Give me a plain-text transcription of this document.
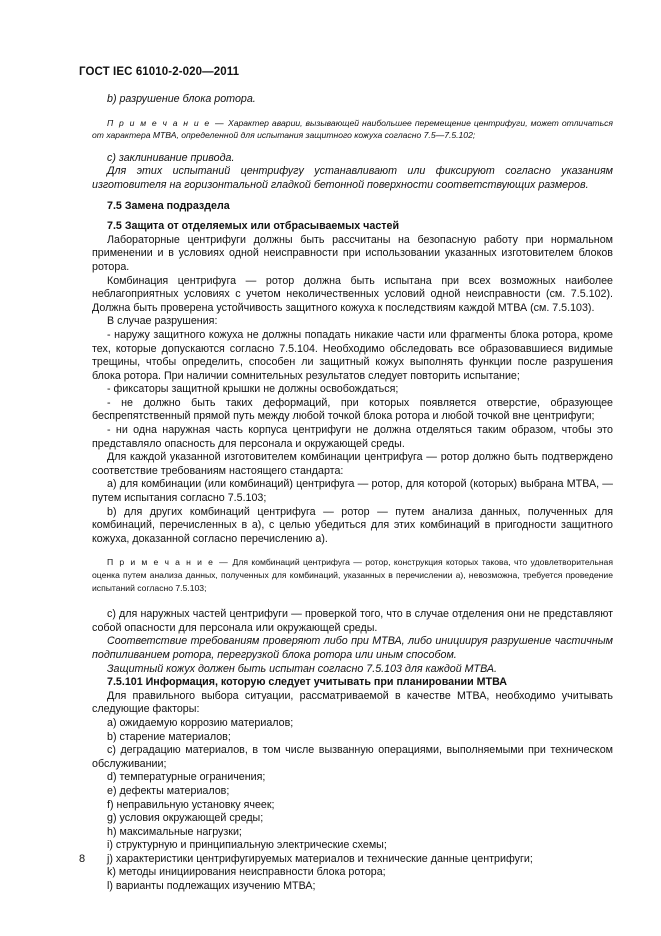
ГОСТ IEC 61010-2-020—2011

b) разрушение блока ротора.

П р и м е ч а н и е — Характер аварии, вызывающей наибольшее перемещение центрифуги, может отличаться от характера МТВА, определенной для испытания защитного кожуха согласно 7.5—7.5.102;

c) заклинивание привода.

Для этих испытаний центрифугу устанавливают или фиксируют согласно указаниям изготовителя на горизонтальной гладкой бетонной поверхности соответствующих размеров.

7.5 Замена подраздела

7.5 Защита от отделяемых или отбрасываемых частей

Лабораторные центрифуги должны быть рассчитаны на безопасную работу при нормальном применении и в условиях одной неисправности при использовании указанных изготовителем блоков ротора.

Комбинация центрифуга — ротор должна быть испытана при всех возможных наиболее неблагоприятных условиях с учетом неколичественных условий одной неисправности (см. 7.5.102). Должна быть проверена устойчивость защитного кожуха к последствиям каждой МТВА (см. 7.5.103).

В случае разрушения:

- наружу защитного кожуха не должны попадать никакие части или фрагменты блока ротора, кроме тех, которые допускаются согласно 7.5.104. Необходимо обследовать все образовавшиеся видимые трещины, чтобы определить, способен ли защитный кожух выполнять функции после разрушения блока ротора. При наличии сомнительных результатов следует повторить испытание;

- фиксаторы защитной крышки не должны освобождаться;

- не должно быть таких деформаций, при которых появляется отверстие, образующее беспрепятственный прямой путь между любой точкой блока ротора и любой точкой вне центрифуги;

- ни одна наружная часть корпуса центрифуги не должна отделяться таким образом, чтобы это представляло опасность для персонала и окружающей среды.

Для каждой указанной изготовителем комбинации центрифуга — ротор должно быть подтверждено соответствие требованиям настоящего стандарта:

a) для комбинации (или комбинаций) центрифуга — ротор, для которой (которых) выбрана МТВА, — путем испытания согласно 7.5.103;

b) для других комбинаций центрифуга — ротор — путем анализа данных, полученных для комбинаций, перечисленных в а), с целью убедиться для этих комбинаций в пригодности защитного кожуха, доказанной согласно перечислению а).

П р и м е ч а н и е — Для комбинаций центрифуга — ротор, конструкция которых такова, что удовлетворительная оценка путем анализа данных, полученных для комбинаций, указанных в перечислении а), невозможна, требуется проведение испытаний согласно 7.5.103;

c) для наружных частей центрифуги — проверкой того, что в случае отделения они не представляют собой опасности для персонала или окружающей среды.

Соответствие требованиям проверяют либо при МТВА, либо инициируя разрушение частичным подпиливанием ротора, перегрузкой блока ротора или иным способом.

Защитный кожух должен быть испытан согласно 7.5.103 для каждой МТВА.

7.5.101 Информация, которую следует учитывать при планировании МТВА

Для правильного выбора ситуации, рассматриваемой в качестве МТВА, необходимо учитывать следующие факторы:

a) ожидаемую коррозию материалов;

b) старение материалов;

c) деградацию материалов, в том числе вызванную операциями, выполняемыми при техническом обслуживании;

d) температурные ограничения;

e) дефекты материалов;

f) неправильную установку ячеек;

g) условия окружающей среды;

h) максимальные нагрузки;

i) структурную и принципиальную электрические схемы;

j) характеристики центрифугируемых материалов и технические данные центрифуги;

k) методы инициирования неисправности блока ротора;

l) варианты подлежащих изучению МТВА;

8
